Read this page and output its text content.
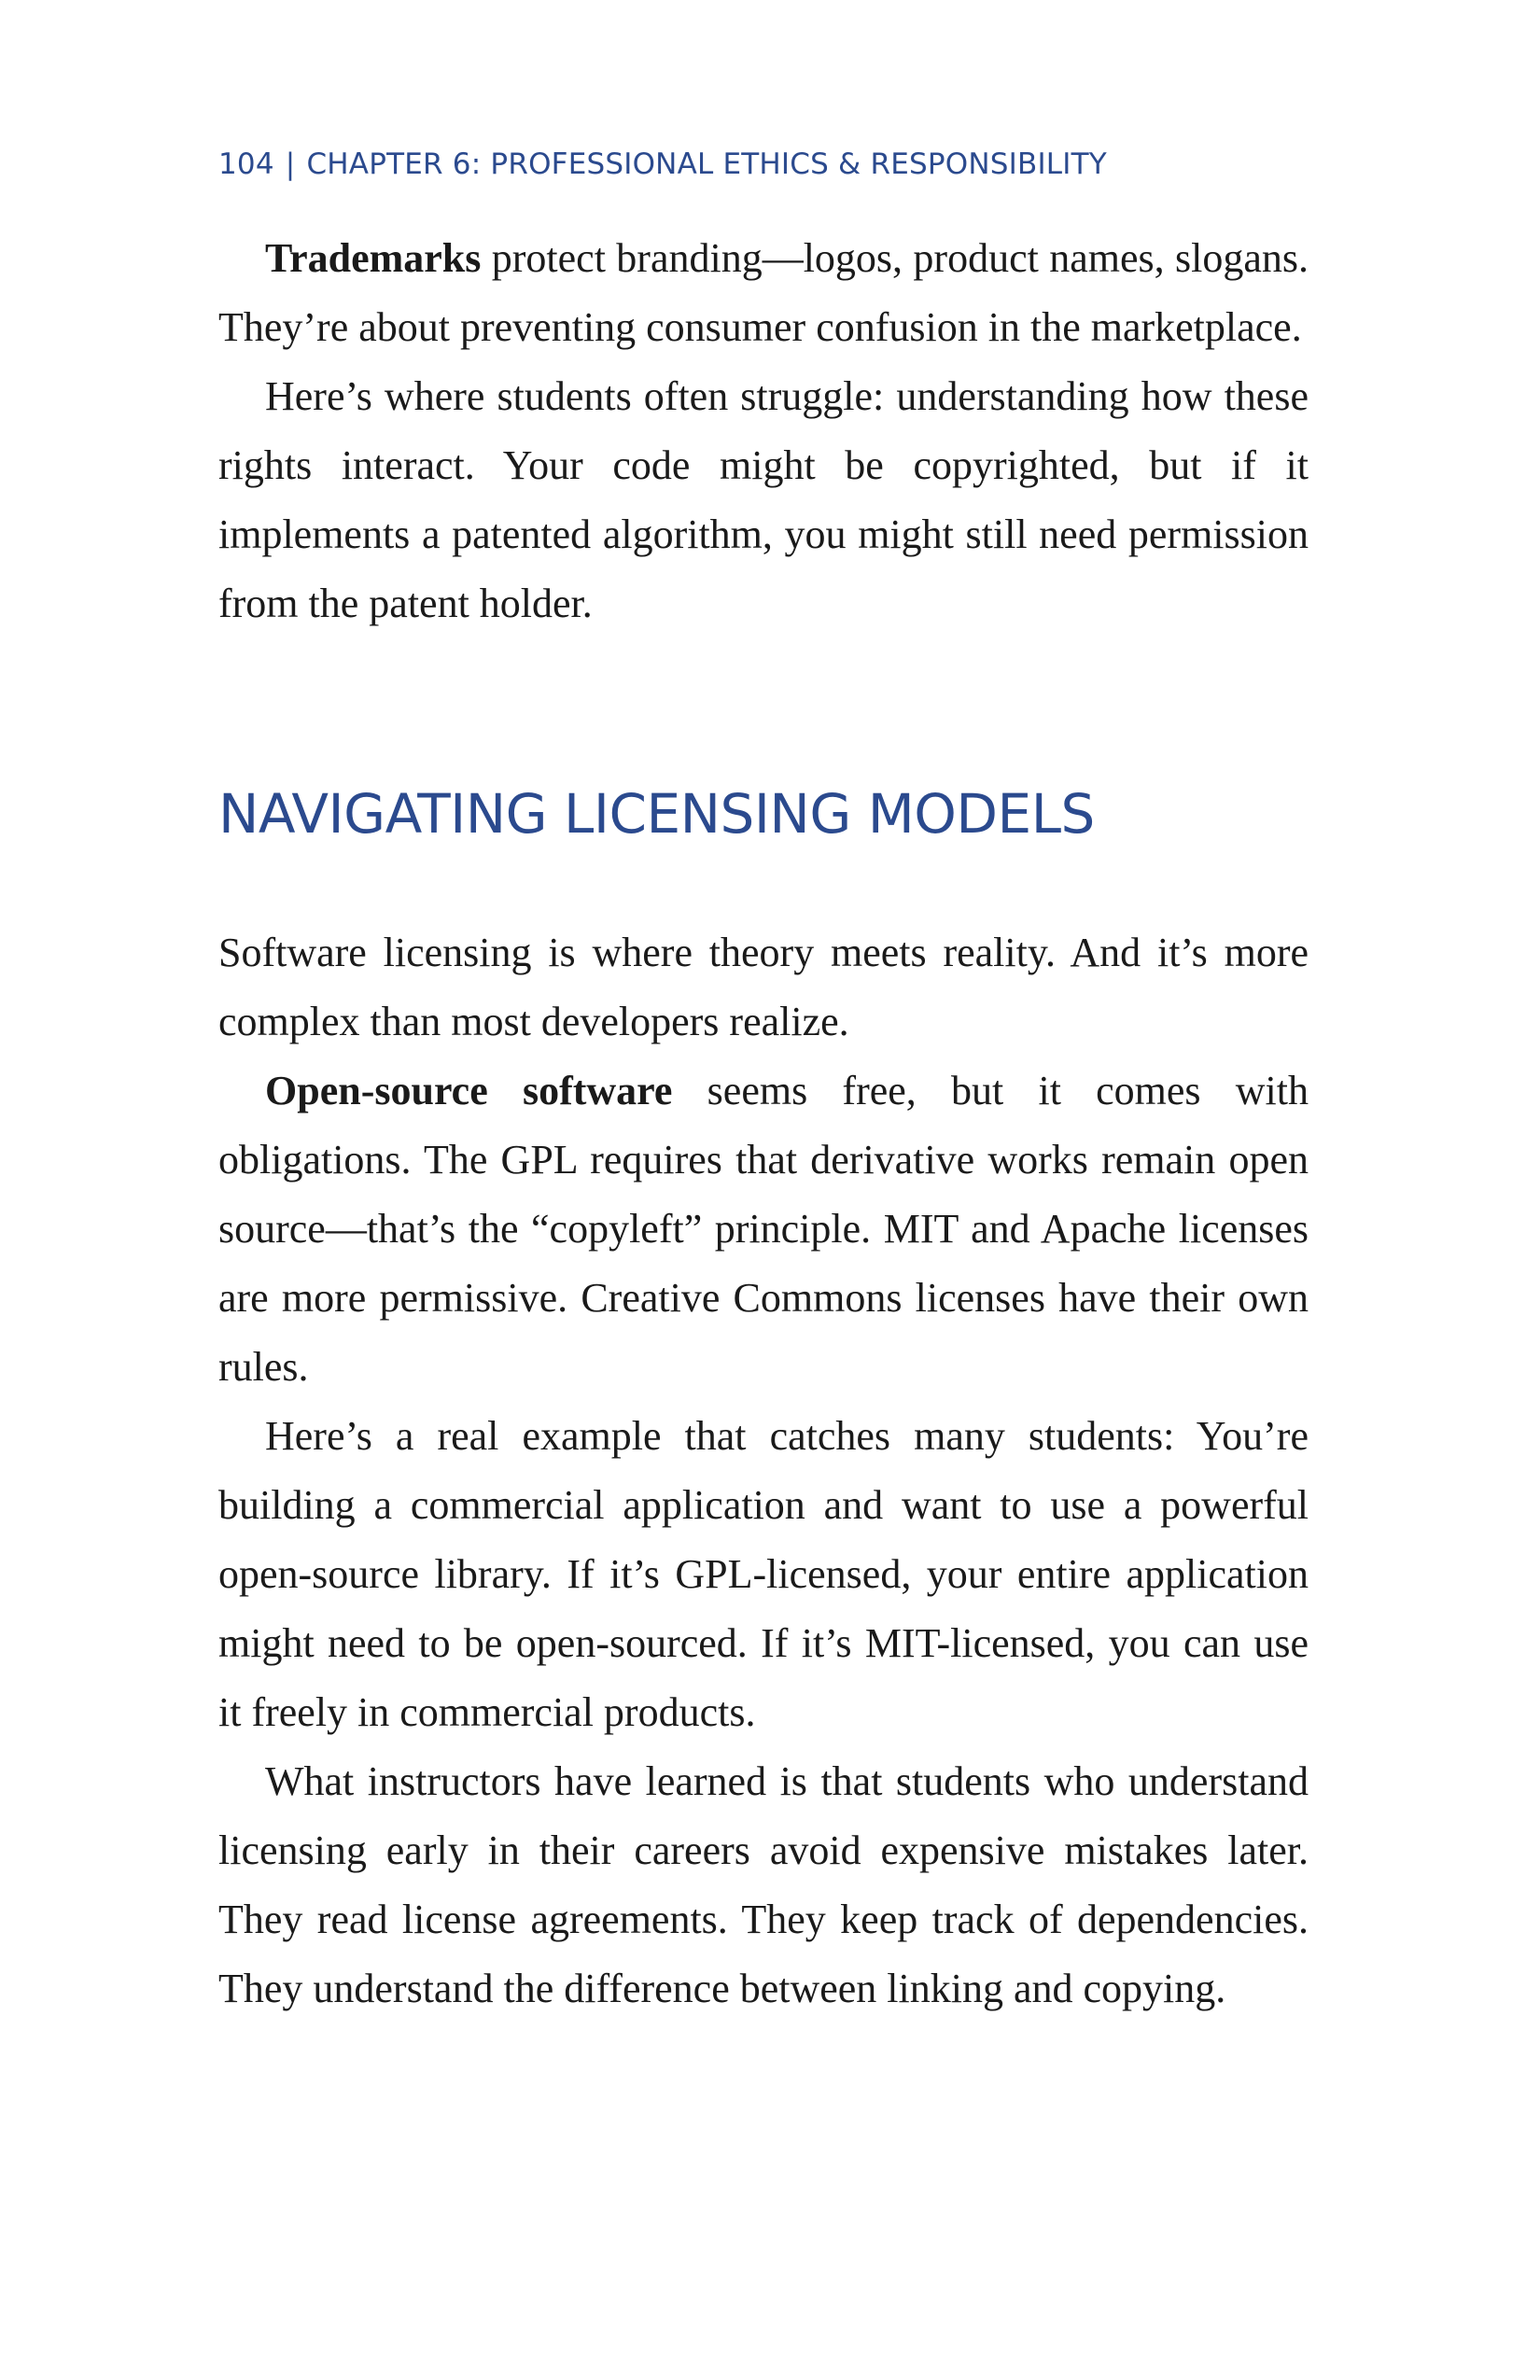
104 | CHAPTER 6: PROFESSIONAL ETHICS & RESPONSIBILITY

Trademarks protect branding—logos, product names, slogans. They’re about preventing consumer confusion in the marketplace.

Here’s where students often struggle: understanding how these rights interact. Your code might be copyrighted, but if it implements a patented algorithm, you might still need permission from the patent holder.

NAVIGATING LICENSING MODELS

Software licensing is where theory meets reality. And it’s more complex than most developers realize.

Open-source software seems free, but it comes with obligations. The GPL requires that derivative works remain open source—that’s the “copyleft” principle. MIT and Apache licenses are more permissive. Creative Commons licenses have their own rules.

Here’s a real example that catches many students: You’re building a commercial application and want to use a powerful open-source library. If it’s GPL-licensed, your entire application might need to be open-sourced. If it’s MIT-licensed, you can use it freely in commercial products.

What instructors have learned is that students who understand licensing early in their careers avoid expensive mistakes later. They read license agreements. They keep track of dependencies. They understand the difference between linking and copying.
